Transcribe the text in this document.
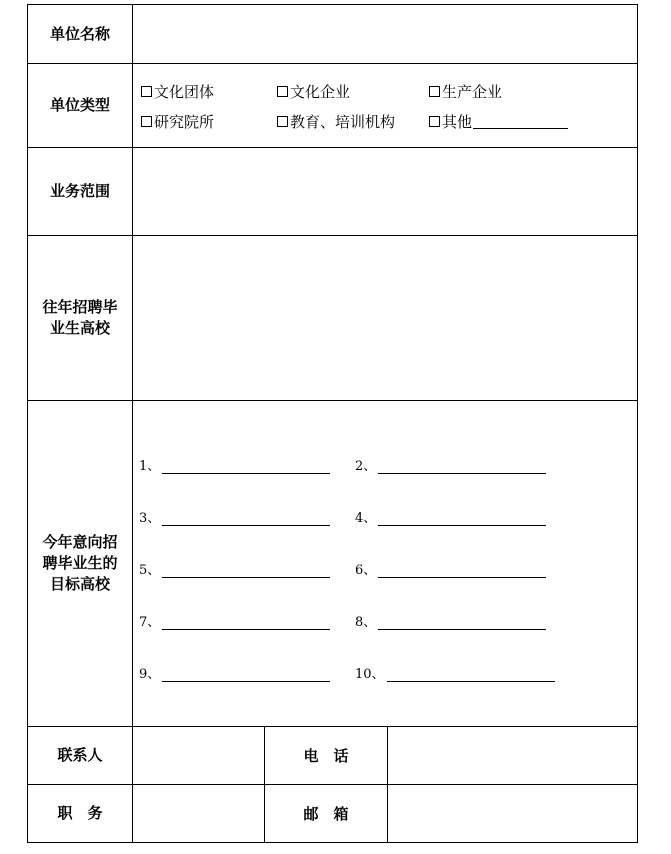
单位名称
单位类型
文化团体	文化企业	生产企业
研究院所	教育、培训机构	其他
业务范围
往年招聘毕
业生高校
今年意向招
聘毕业生的
目标高校
1、	2、
3、	4、
5、	6、
7、	8、
9、	10、
联系人	电　话
职　务	邮　箱
